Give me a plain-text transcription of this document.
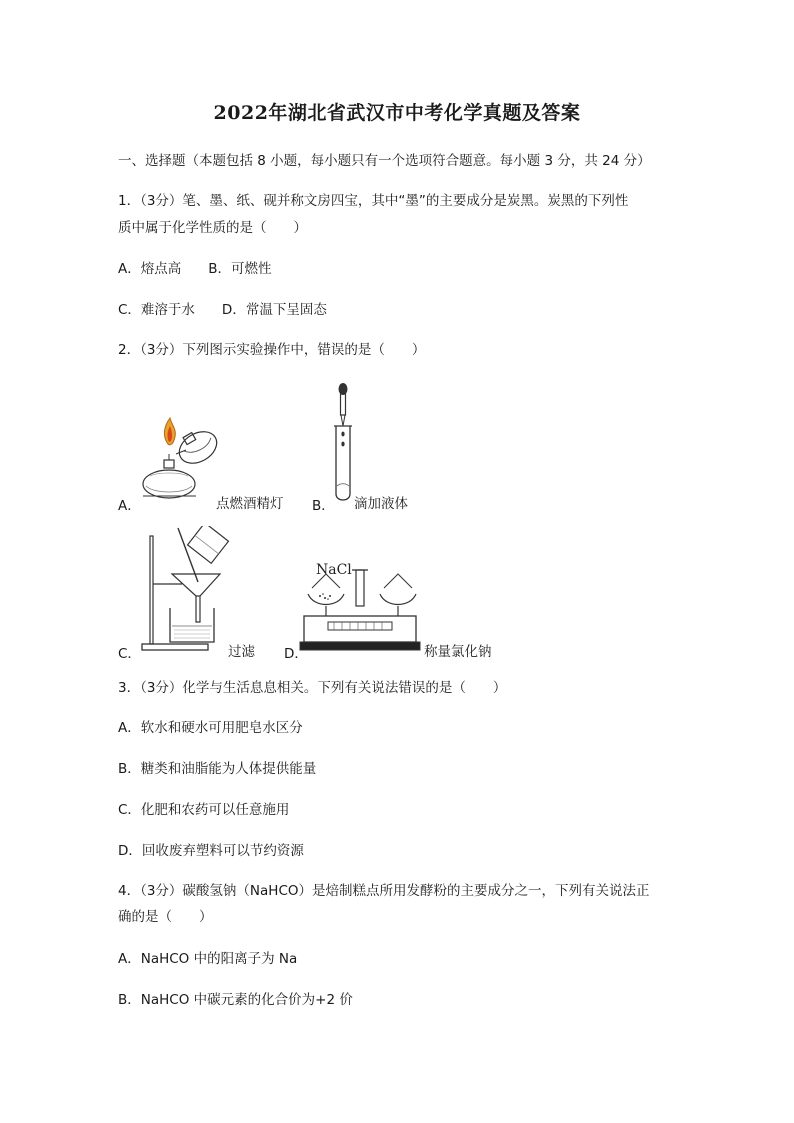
2022年湖北省武汉市中考化学真题及答案
一、选择题（本题包括 8 小题，每小题只有一个选项符合题意。每小题 3 分，共 24 分）
1．（3分）笔、墨、纸、砚并称文房四宝，其中“墨”的主要成分是炭黑。炭黑的下列性
质中属于化学性质的是（　　）
A．熔点高　　B．可燃性
C．难溶于水　　D．常温下呈固态
2．（3分）下列图示实验操作中，错误的是（　　）
A．	点燃酒精灯 B． 滴加液体
C．	过滤
NaCl
D．	称量氯化钠
3．（3分）化学与生活息息相关。下列有关说法错误的是（　　）
A．软水和硬水可用肥皂水区分
B．糖类和油脂能为人体提供能量
C．化肥和农药可以任意施用
D．回收废弃塑料可以节约资源
4．（3分）碳酸氢钠（NaHCO）是焙制糕点所用发酵粉的主要成分之一，下列有关说法正
确的是（　　）
A．NaHCO 中的阳离子为 Na
B．NaHCO 中碳元素的化合价为+2 价
